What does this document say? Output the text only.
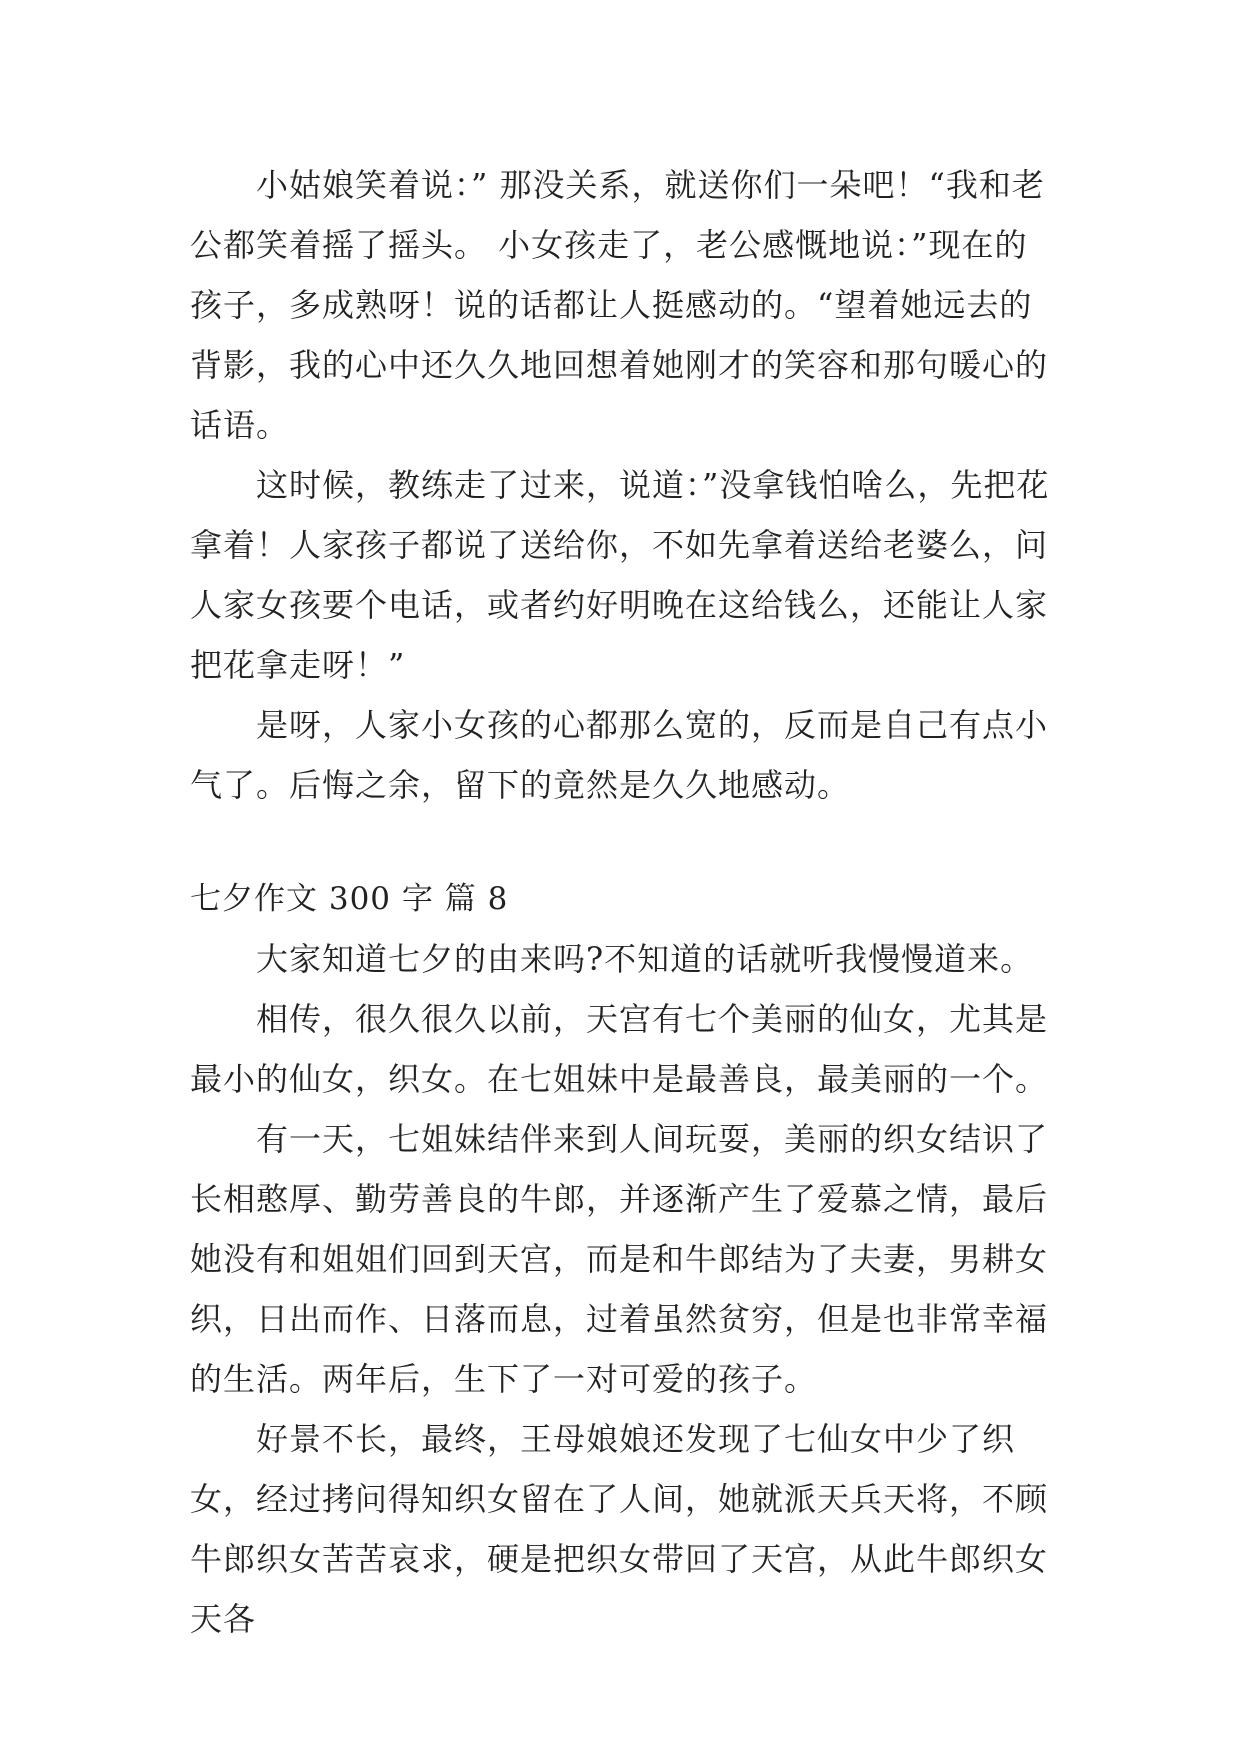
小姑娘笑着说：” 那没关系，就送你们一朵吧！“我和老公都笑着摇了摇头。 小女孩走了，老公感慨地说：”现在的孩子，多成熟呀！说的话都让人挺感动的。“望着她远去的背影，我的心中还久久地回想着她刚才的笑容和那句暖心的话语。

这时候，教练走了过来，说道：”没拿钱怕啥么，先把花拿着！人家孩子都说了送给你，不如先拿着送给老婆么，问人家女孩要个电话，或者约好明晚在这给钱么，还能让人家把花拿走呀！”

是呀，人家小女孩的心都那么宽的，反而是自己有点小气了。后悔之余，留下的竟然是久久地感动。

七夕作文 300 字 篇 8

大家知道七夕的由来吗?不知道的话就听我慢慢道来。

相传，很久很久以前，天宫有七个美丽的仙女，尤其是最小的仙女，织女。在七姐妹中是最善良，最美丽的一个。

有一天，七姐妹结伴来到人间玩耍，美丽的织女结识了长相憨厚、勤劳善良的牛郎，并逐渐产生了爱慕之情，最后她没有和姐姐们回到天宫，而是和牛郎结为了夫妻，男耕女织，日出而作、日落而息，过着虽然贫穷，但是也非常幸福的生活。两年后，生下了一对可爱的孩子。

好景不长，最终，王母娘娘还发现了七仙女中少了织女，经过拷问得知织女留在了人间，她就派天兵天将，不顾牛郎织女苦苦哀求，硬是把织女带回了天宫，从此牛郎织女天各
